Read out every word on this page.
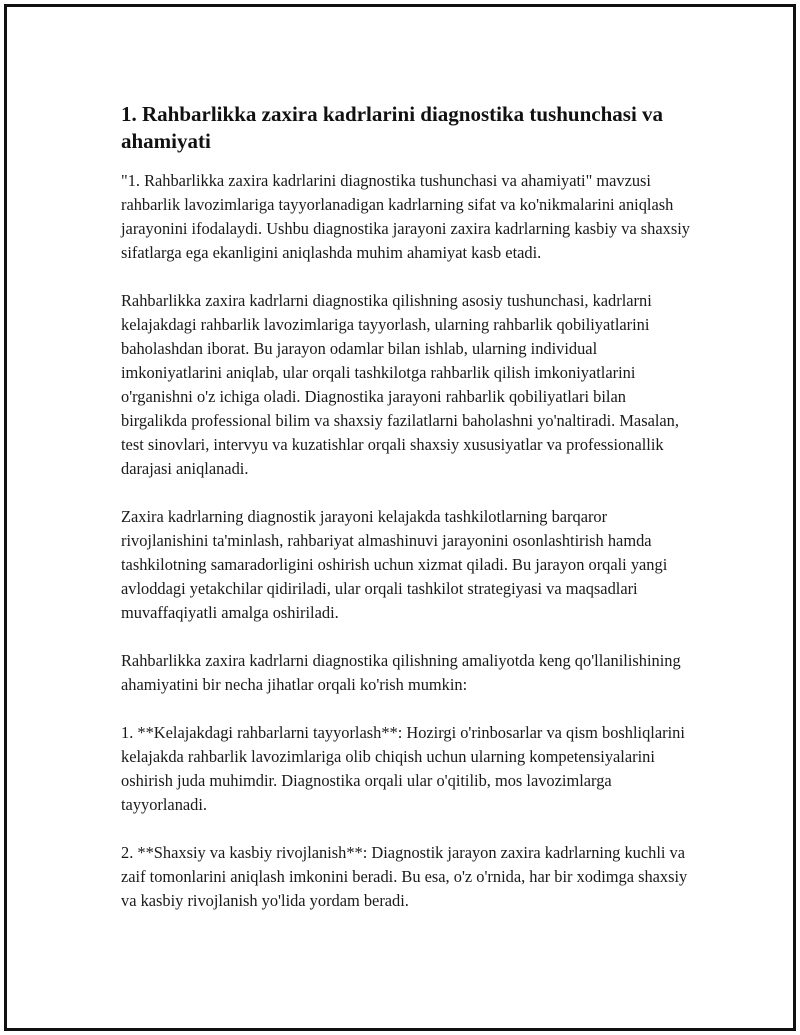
1. Rahbarlikka zaxira kadrlarini diagnostika tushunchasi va ahamiyati

"1. Rahbarlikka zaxira kadrlarini diagnostika tushunchasi va ahamiyati" mavzusi rahbarlik lavozimlariga tayyorlanadigan kadrlarning sifat va ko'nikmalarini aniqlash jarayonini ifodalaydi. Ushbu diagnostika jarayoni zaxira kadrlarning kasbiy va shaxsiy sifatlarga ega ekanligini aniqlashda muhim ahamiyat kasb etadi.

Rahbarlikka zaxira kadrlarni diagnostika qilishning asosiy tushunchasi, kadrlarni kelajakdagi rahbarlik lavozimlariga tayyorlash, ularning rahbarlik qobiliyatlarini baholashdan iborat. Bu jarayon odamlar bilan ishlab, ularning individual imkoniyatlarini aniqlab, ular orqali tashkilotga rahbarlik qilish imkoniyatlarini o'rganishni o'z ichiga oladi. Diagnostika jarayoni rahbarlik qobiliyatlari bilan birgalikda professional bilim va shaxsiy fazilatlarni baholashni yo'naltiradi. Masalan, test sinovlari, intervyu va kuzatishlar orqali shaxsiy xususiyatlar va professionallik darajasi aniqlanadi.

Zaxira kadrlarning diagnostik jarayoni kelajakda tashkilotlarning barqaror rivojlanishini ta'minlash, rahbariyat almashinuvi jarayonini osonlashtirish hamda tashkilotning samaradorligini oshirish uchun xizmat qiladi. Bu jarayon orqali yangi avloddagi yetakchilar qidiriladi, ular orqali tashkilot strategiyasi va maqsadlari muvaffaqiyatli amalga oshiriladi.

Rahbarlikka zaxira kadrlarni diagnostika qilishning amaliyotda keng qo'llanilishining ahamiyatini bir necha jihatlar orqali ko'rish mumkin:

1. **Kelajakdagi rahbarlarni tayyorlash**: Hozirgi o'rinbosarlar va qism boshliqlarini kelajakda rahbarlik lavozimlariga olib chiqish uchun ularning kompetensiyalarini oshirish juda muhimdir. Diagnostika orqali ular o'qitilib, mos lavozimlarga tayyorlanadi.

2. **Shaxsiy va kasbiy rivojlanish**: Diagnostik jarayon zaxira kadrlarning kuchli va zaif tomonlarini aniqlash imkonini beradi. Bu esa, o'z o'rnida, har bir xodimga shaxsiy va kasbiy rivojlanish yo'lida yordam beradi.
